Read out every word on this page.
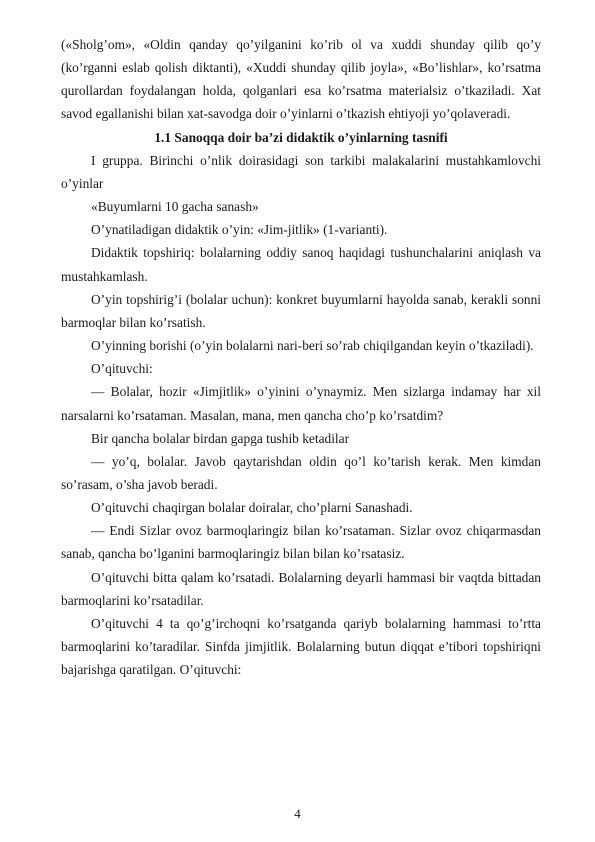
(«Sholg’om», «Oldin qanday qo’yilganini ko’rib ol va xuddi shunday qilib qo’y (ko’rganni eslab qolish diktanti), «Xuddi shunday qilib joyla», «Bo’lishlar», ko’rsatma qurollardan foydalangan holda, qolganlari esa ko’rsatma materialsiz o’tkaziladi. Xat savod egallanishi bilan xat-savodga doir o’yinlarni o’tkazish ehtiyoji yo’qolaveradi.

1.1 Sanoqqa doir ba’zi didaktik o’yinlarning tasnifi

I gruppa. Birinchi o’nlik doirasidagi son tarkibi malakalarini mustahkamlovchi o’yinlar

«Buyumlarni 10 gacha sanash»

O’ynatiladigan didaktik o’yin: «Jim-jitlik» (1-varianti).

Didaktik topshiriq: bolalarning oddiy sanoq haqidagi tushunchalarini aniqlash va mustahkamlash.

O’yin topshirig’i (bolalar uchun): konkret buyumlarni hayolda sanab, kerakli sonni barmoqlar bilan ko’rsatish.

O’yinning borishi (o’yin bolalarni nari-beri so’rab chiqilgandan keyin o’tkaziladi).

O’qituvchi:

— Bolalar, hozir «Jimjitlik» o’yinini o’ynaymiz. Men sizlarga indamay har xil narsalarni ko’rsataman. Masalan, mana, men qancha cho’p ko’rsatdim?

Bir qancha bolalar birdan gapga tushib ketadilar

— yo’q, bolalar. Javob qaytarishdan oldin qo’l ko’tarish kerak. Men kimdan so’rasam, o’sha javob beradi.

O’qituvchi chaqirgan bolalar doiralar, cho’plarni Sanashadi.

— Endi Sizlar ovoz barmoqlaringiz bilan ko’rsataman. Sizlar ovoz chiqarmasdan sanab, qancha bo’lganini barmoqlaringiz bilan bilan ko’rsatasiz.

O’qituvchi bitta qalam ko’rsatadi. Bolalarning deyarli hammasi bir vaqtda bittadan barmoqlarini ko’rsatadilar.

O’qituvchi 4 ta qo’g’irchoqni ko’rsatganda qariyb bolalarning hammasi to’rtta barmoqlarini ko’taradilar. Sinfda jimjitlik. Bolalarning butun diqqat e’tibori topshiriqni bajarishga qaratilgan. O’qituvchi:

4
